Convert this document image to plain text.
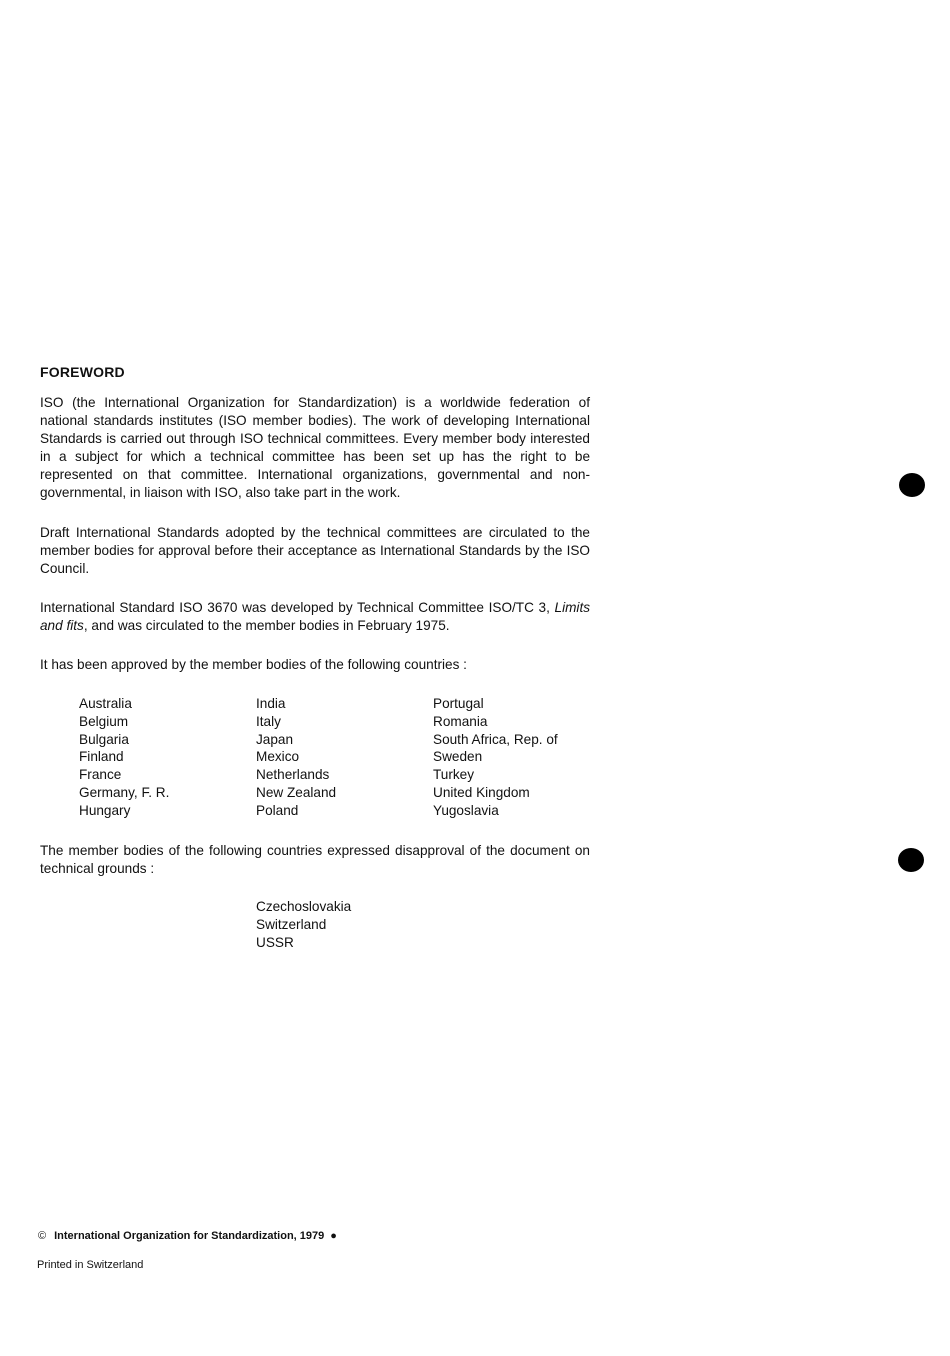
FOREWORD

ISO (the International Organization for Standardization) is a worldwide federation of national standards institutes (ISO member bodies). The work of developing International Standards is carried out through ISO technical committees. Every member body interested in a subject for which a technical committee has been set up has the right to be represented on that committee. International organizations, governmental and non-governmental, in liaison with ISO, also take part in the work.

Draft International Standards adopted by the technical committees are circulated to the member bodies for approval before their acceptance as International Standards by the ISO Council.

International Standard ISO 3670 was developed by Technical Committee ISO/TC 3, Limits and fits, and was circulated to the member bodies in February 1975.

It has been approved by the member bodies of the following countries :

Australia
Belgium
Bulgaria
Finland
France
Germany, F. R.
Hungary
India
Italy
Japan
Mexico
Netherlands
New Zealand
Poland
Portugal
Romania
South Africa, Rep. of
Sweden
Turkey
United Kingdom
Yugoslavia

The member bodies of the following countries expressed disapproval of the document on technical grounds :

Czechoslovakia
Switzerland
USSR
© International Organization for Standardization, 1979 ●
Printed in Switzerland
